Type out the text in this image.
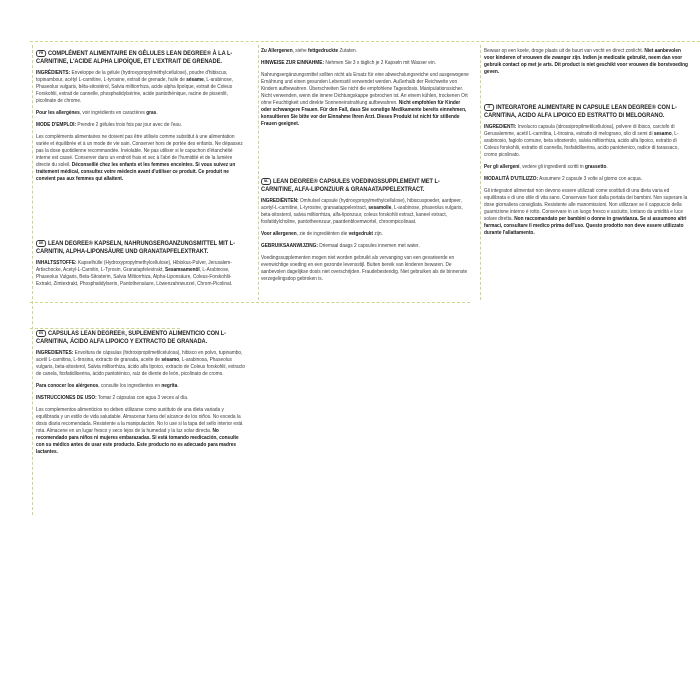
FR COMPLÉMENT ALIMENTAIRE EN GÉLULES LEAN DEGREE® À LA L-CARNITINE, L'ACIDE ALPHA LIPOÏQUE, ET L'EXTRAIT DE GRENADE.

INGRÉDIENTS: Enveloppe de la gélule (hydroxypropylméthylcellulose), poudre d'hibiscus, topinambour, acétyl L-carnitine, L-tyrosine, extrait de grenade, huile de sésame, L-arabinose, Phaseolus vulgaris, bêta-sitostérol, Salvia miltiorrhiza, acide alpha lipoïque, extrait de Coleus Forskohlii, extrait de cannelle, phosphatidylsérine, acide pantothénique, racine de pissenlit, picolinate de chrome.

Pour les allergènes, voir ingrédients en caractères gras.

MODE D'EMPLOI: Prendre 2 gélules trois fois par jour avec de l'eau.

Les compléments alimentaires ne doivent pas être utilisés comme substitut à une alimentation variée et équilibrée et à un mode de vie sain. Conserver hors de portée des enfants. Ne dépassez pas la dose quotidienne recommandée. Inviolable. Ne pas utiliser si le capuchon d'étanchéité interne est cassé. Conserver dans un endroit frais et sec à l'abri de l'humidité et de la lumière directe du soleil. Déconseillé chez les enfants et les femmes enceintes. Si vous suivez un traitement médical, consultez votre médecin avant d'utiliser ce produit. Ce produit ne convient pas aux femmes qui allaitent.

DE LEAN DEGREE® KAPSELN, NAHRUNGSERGÄNZUNGSMITTEL MIT L-CARNITIN, ALPHA-LIPONSÄURE UND GRANATAPFELEXTRAKT.

INHALTSSTOFFE: Kapselhülle (Hydroxypropylmethylcellulose), Hibiskus-Pulver, Jerusalem-Artischocke, Acetyl-L-Carnitin, L-Tyrosin, Granatapfelextrakt, Sesamsamenöl, L-Arabinose, Phaseolus Vulgaris, Beta-Sitosterin, Salvia Miltiorrhiza, Alpha-Liponsäure, Coleus-Forskohlii-Extrakt, Zimtextrakt, Phosphatidylserin, Pantothensäure, Löwenzahnwurzel, Chrom-Picolinat.

Zu Allergenen, siehe fettgedruckte Zutaten.

HINWEISE ZUR EINNAHME: Nehmen Sie 3 x täglich je 2 Kapseln mit Wasser ein.

Nahrungsergänzungsmittel sollten nicht als Ersatz für eine abwechslungsreiche und ausgewogene Ernährung und einen gesunden Lebensstil verwendet werden. Außerhalb der Reichweite von Kindern aufbewahren. Überschreiten Sie nicht die empfohlene Tagesdosis. Manipulationssicher. Nicht verwenden, wenn die innere Dichtungskappe gebrochen ist. An einem kühlen, trockenen Ort ohne Feuchtigkeit und direkte Sonneneinstrahlung aufbewahren. Nicht empfohlen für Kinder oder schwangere Frauen. Für den Fall, dass Sie sonstige Medikamente bereits einnehmen, konsultieren Sie bitte vor der Einnahme Ihren Arzt. Dieses Produkt ist nicht für stillende Frauen geeignet.

NL LEAN DEGREE® CAPSULES VOEDINGSSUPPLEMENT MET L-CARNITINE, ALFA-LIPONZUUR & GRANAATAPPELEXTRACT.

INGREDIËNTEN: Omhulsel capsule (hydroxypropylmethylcellulose), hibiscuspoeder, aardpeer, acetyl-L-carnitine, L-tyrosine, granaatappelextract, sesamolie, L-arabinose, phaseolus vulgaris, beta-sitosterol, salvia miltiorrhiza, alfa-liponzuur, coleus forskohlii extract, kaneel extract, fosfatidylcholine, pantotheenzuur, paardenbloemwortel, chroompicolinaat.

Voor allergenen, zie de ingrediënten die vetgedrukt zijn.

GEBRUIKSAANWIJZING: Driemaal daags 2 capsules innemen met water.

Voedingssupplementen mogen niet worden gebruikt als vervanging van een gevarieerde en evenwichtige voeding en een gezonde levensstijl. Buiten bereik van kinderen bewaren. De aanbevolen dagelijkse dosis niet overschrijden. Fraudebestendig. Niet gebruiken als de binnenste verzegelingsdop gebroken is.

Bewaar op een koele, droge plaats uit de buurt van vocht en direct zonlicht. Niet aanbevolen voor kinderen of vrouwen die zwanger zijn. Indien je medicatie gebruikt, neem dan voor gebruik contact op met je arts. Dit product is niet geschikt voor vrouwen die borstvoeding geven.

IT INTEGRATORE ALIMENTARE IN CAPSULE LEAN DEGREE® CON L-CARNITINA, ACIDO ALFA LIPOICO ED ESTRATTO DI MELOGRANO.

INGREDIENTI: Involucro capsula (idrossipropilmetilcellulosa), polvere di ibisco, carciofo di Gerusalemme, acetil L-carnitina, L-tirosina, estratto di melograno, olio di semi di sesamo, L-arabinosio, fagiolo comune, beta sitosterolo, salvia miltiorrhiza, acido alfa lipoico, estratto di Coleus forskohlii, estratto di cannella, fosfatidilserina, acido pantotenico, radice di tarassaco, cromo picolinato.

Per gli allergeni, vedere gli ingredienti scritti in grassetto.

MODALITÀ D'UTILIZZO: Assumere 2 capsule 3 volte al giorno con acqua.

Gli integratori alimentari non devono essere utilizzati come sostituti di una dieta varia ed equilibrata e di uno stile di vita sano. Conservare fuori dalla portata dei bambini. Non superare la dose giornaliera consigliata. Resistente alle manomissioni. Non utilizzare se il cappuccio della guarnizione interno è rotto. Conservare in un luogo fresco e asciutto, lontano da umidità e luce solare diretta. Non raccomandato per bambini o donne in gravidanza. Se si assumono altri farmaci, consultare il medico prima dell'uso. Questo prodotto non deve essere utilizzato durante l'allattamento.

ES CÁPSULAS LEAN DEGREE®, SUPLEMENTO ALIMENTICIO CON L-CARNITINA, ÁCIDO ALFA LIPOICO Y EXTRACTO DE GRANADA.

INGREDIENTES: Envoltura de cápsulas (hidroxipropilmetilcelulosa), hibisco en polvo, tupinambo, acetil L-carnitina, L-tirosina, extracto de granada, aceite de sésamo, L-arabinosa, Phaseolus vulgaris, beta-sitosterol, Salvia miltiorrhiza, ácido alfa lipoico, extracto de Coleus forskohlii, extracto de canela, fosfatidilserina, ácido pantoténico, raíz de diente de león, picolinato de cromo.

Para conocer los alérgenos, consulte los ingredientes en negrita.

INSTRUCCIONES DE USO: Tomar 2 cápsulas con agua 3 veces al día.

Los complementos alimenticios no deben utilizarse como sustituto de una dieta variada y equilibrada y un estilo de vida saludable. Almacenar fuera del alcance de los niños. No exceda la dosis diaria recomendada. Resistente a la manipulación. No lo use si la tapa del sello interior está rota. Almacene en un lugar fresco y seco lejos de la humedad y la luz solar directa. No recomendado para niños ni mujeres embarazadas. Si está tomando medicación, consulte con su médico antes de usar este producto. Este producto no es adecuado para madres lactantes.
